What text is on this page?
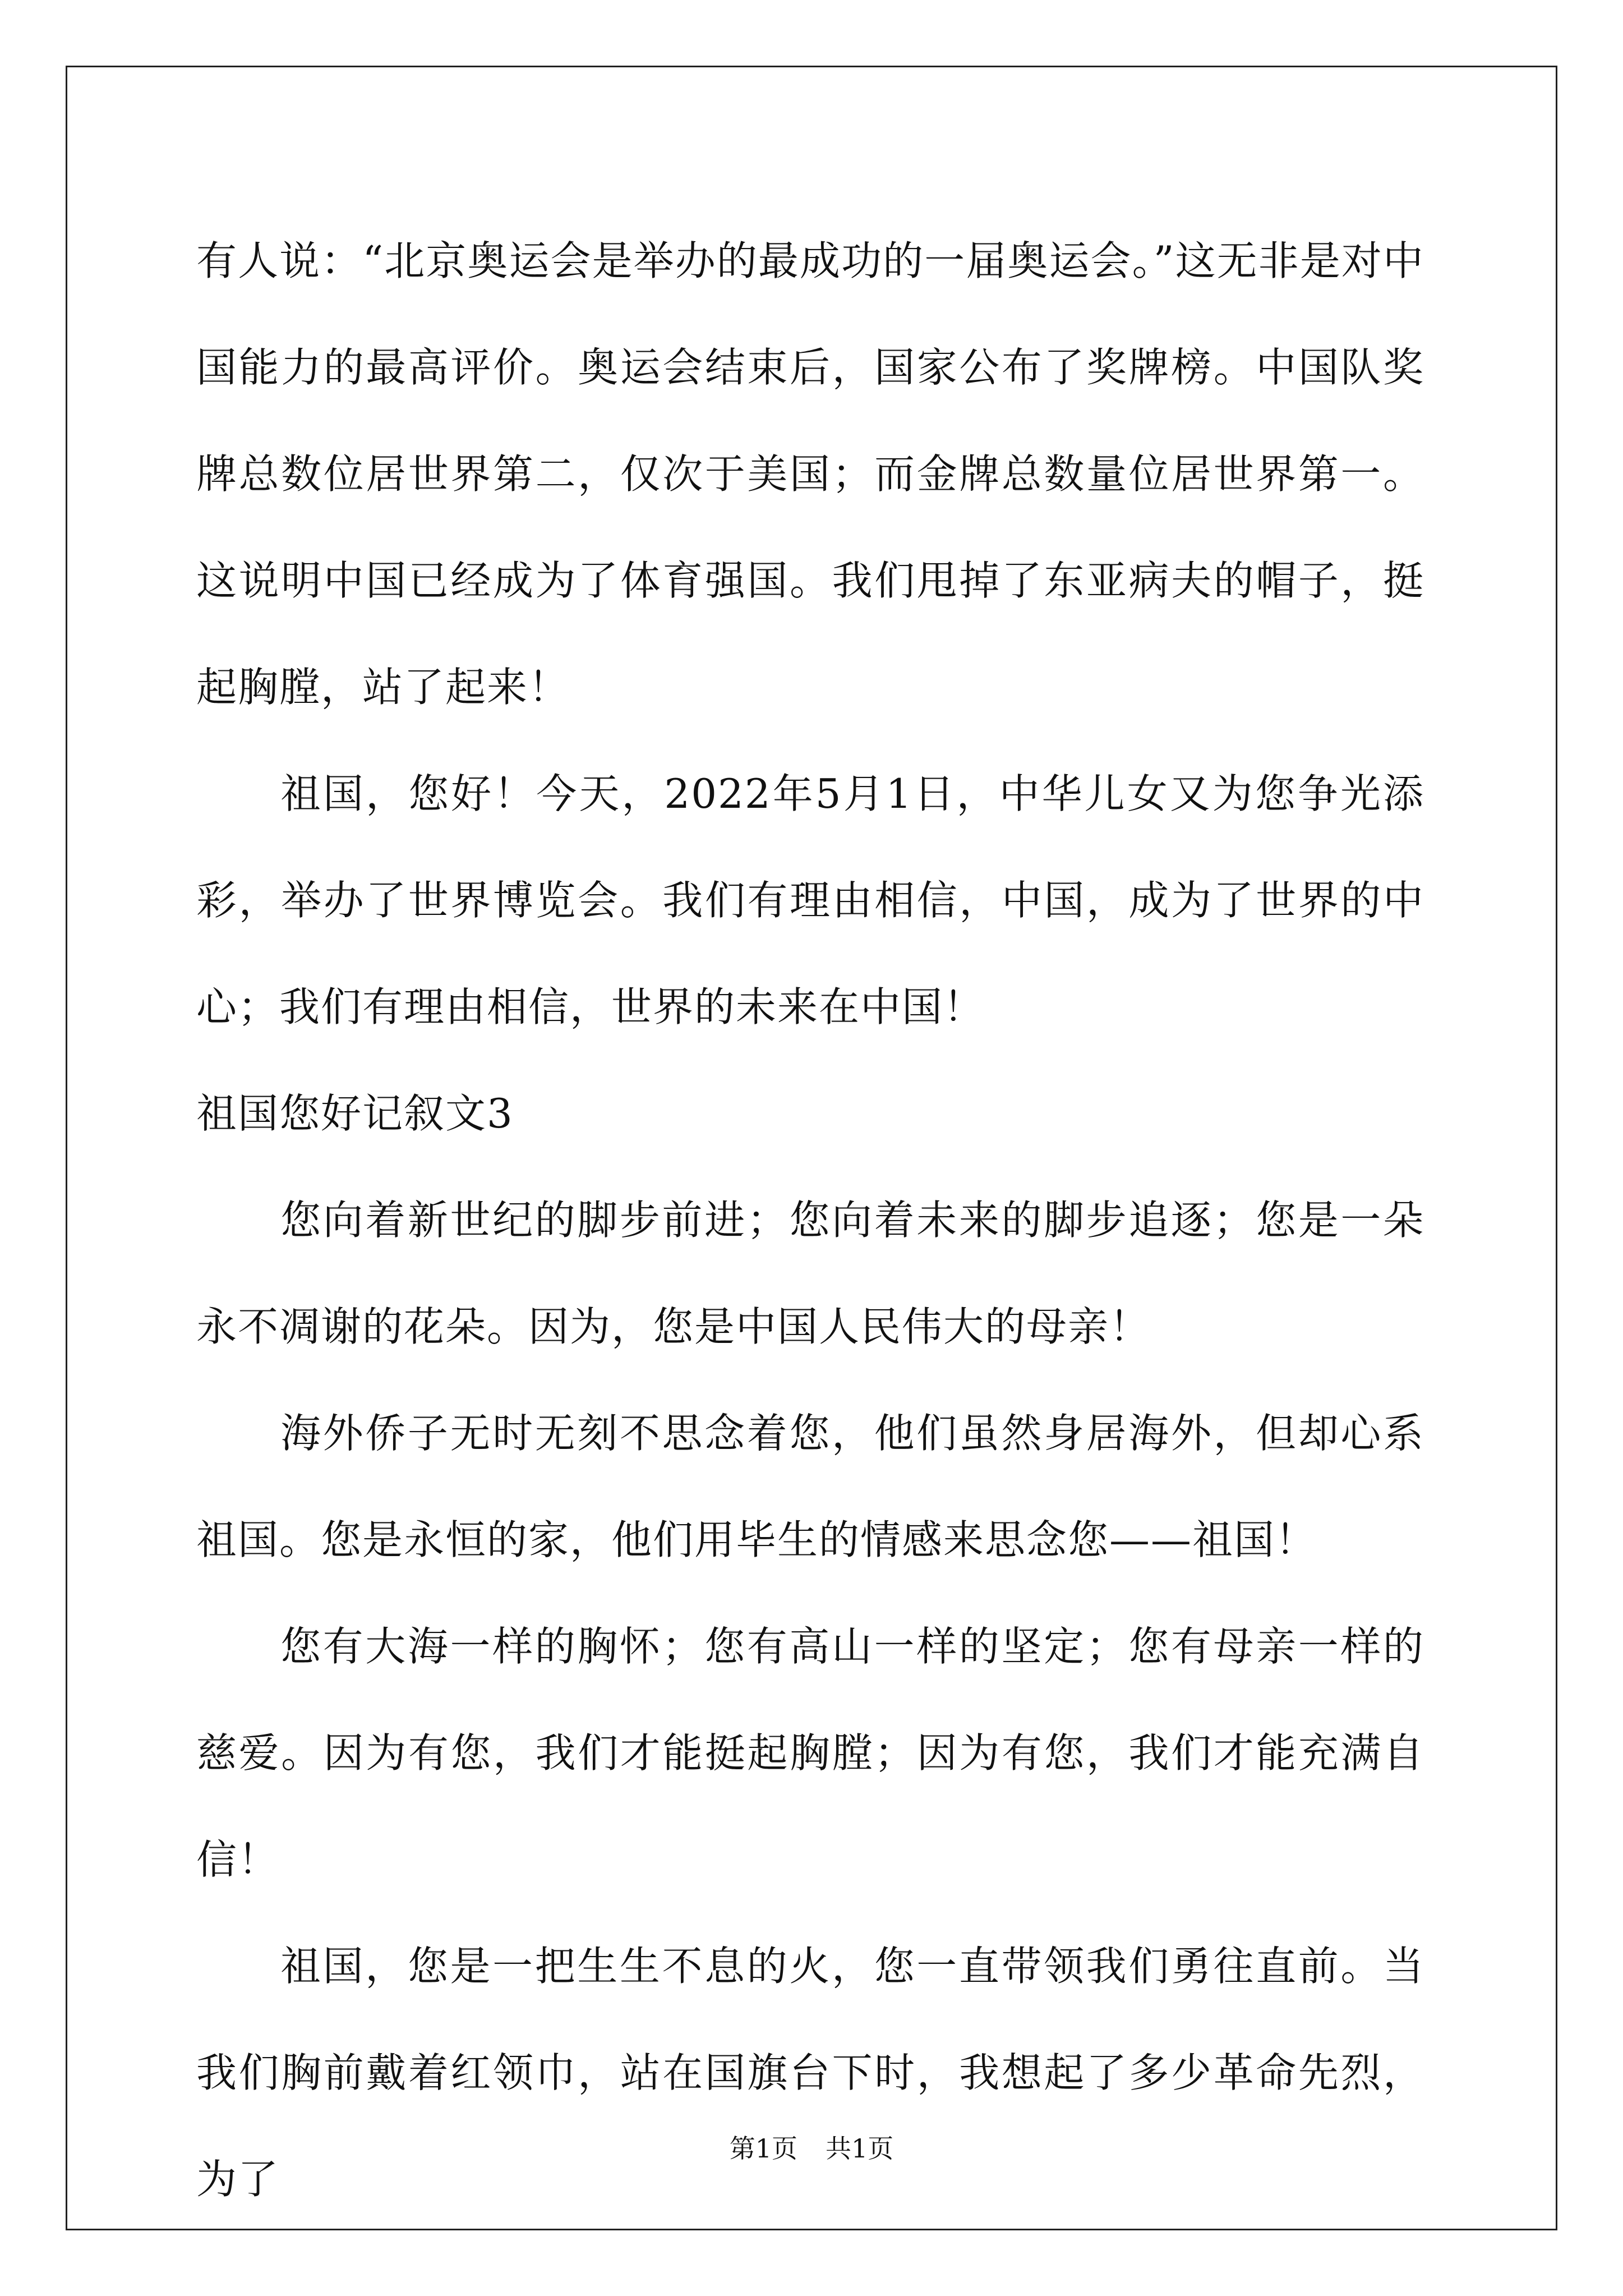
有人说：“北京奥运会是举办的最成功的一届奥运会。”这无非是对中国能力的最高评价。奥运会结束后，国家公布了奖牌榜。中国队奖牌总数位居世界第二，仅次于美国；而金牌总数量位居世界第一。这说明中国已经成为了体育强国。我们甩掉了东亚病夫的帽子，挺起胸膛，站了起来！

祖国，您好！今天，2022年5月1日，中华儿女又为您争光添彩，举办了世界博览会。我们有理由相信，中国，成为了世界的中心；我们有理由相信，世界的未来在中国！

祖国您好记叙文3

您向着新世纪的脚步前进；您向着未来的脚步追逐；您是一朵永不凋谢的花朵。因为，您是中国人民伟大的母亲！

海外侨子无时无刻不思念着您，他们虽然身居海外，但却心系祖国。您是永恒的家，他们用毕生的情感来思念您——祖国！

您有大海一样的胸怀；您有高山一样的坚定；您有母亲一样的慈爱。因为有您，我们才能挺起胸膛；因为有您，我们才能充满自信！

祖国，您是一把生生不息的火，您一直带领我们勇往直前。当我们胸前戴着红领巾，站在国旗台下时，我想起了多少革命先烈，为了

第1页 共1页
